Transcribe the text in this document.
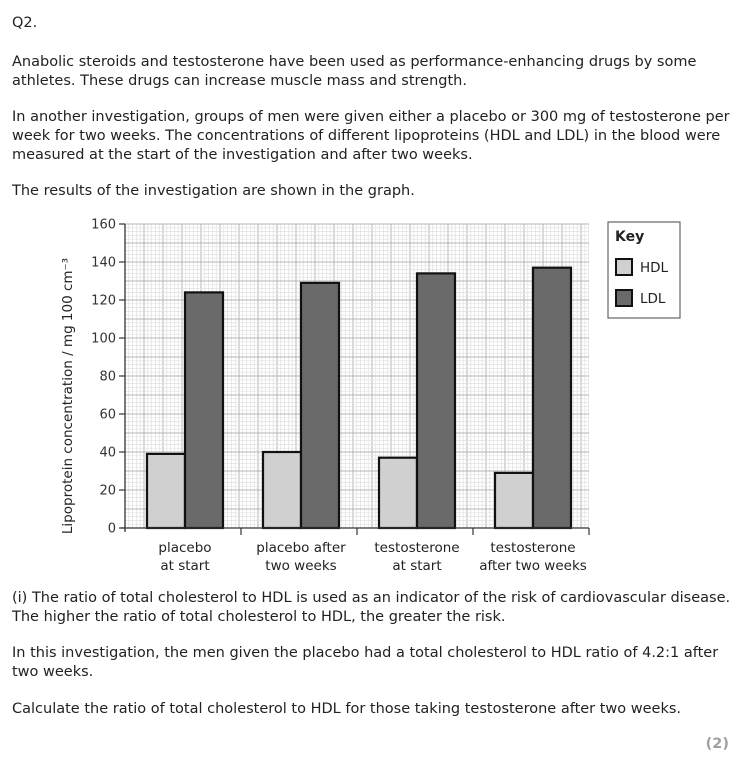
Q2.
Anabolic steroids and testosterone have been used as performance-enhancing drugs by some athletes. These drugs can increase muscle mass and strength.
In another investigation, groups of men were given either a placebo or 300 mg of testosterone per week for two weeks. The concentrations of different lipoproteins (HDL and LDL) in the blood were measured at the start of the investigation and after two weeks.
The results of the investigation are shown in the graph.
0
20
40
60
80
100
120
140
160
Lipoprotein concentration / mg 100 cm⁻³
placebo
at start
placebo after
two weeks
testosterone
at start
testosterone
after two weeks
Key
HDL
LDL
(i) The ratio of total cholesterol to HDL is used as an indicator of the risk of cardiovascular disease. The higher the ratio of total cholesterol to HDL, the greater the risk.
In this investigation, the men given the placebo had a total cholesterol to HDL ratio of 4.2:1 after two weeks.
Calculate the ratio of total cholesterol to HDL for those taking testosterone after two weeks.
(2)
